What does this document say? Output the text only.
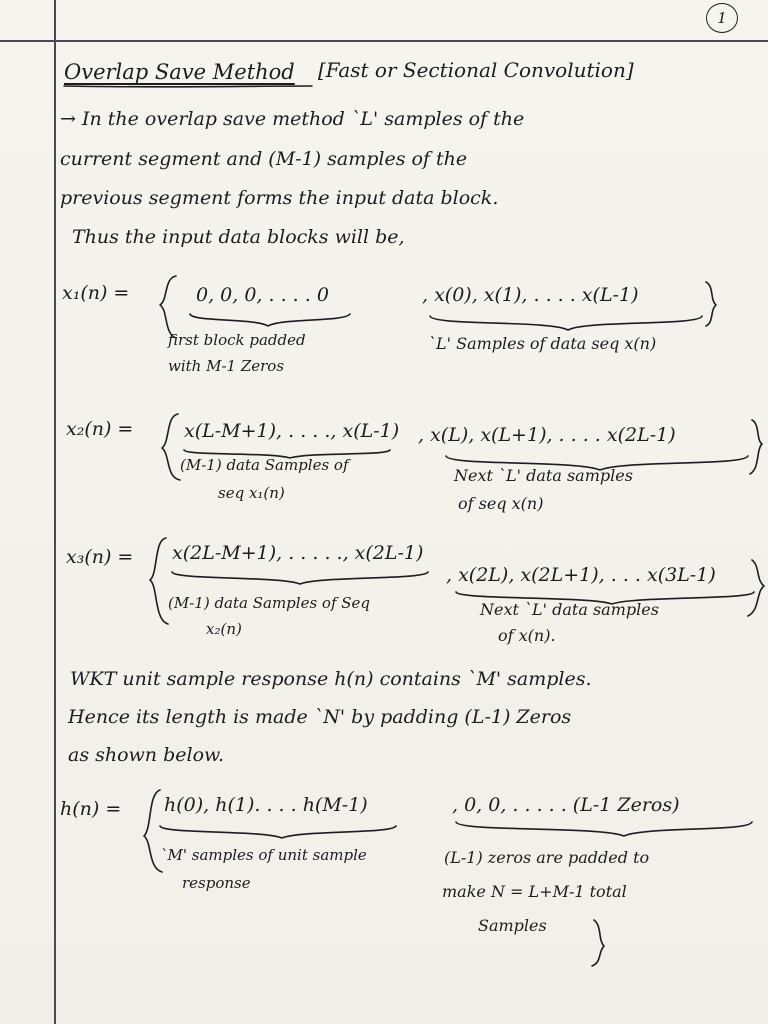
1
Overlap Save Method [Fast or Sectional Convolution]
→ In the overlap save method `L' samples of the
current segment and (M-1) samples of the
previous segment forms the input data block.
Thus the input data blocks will be,
x₁(n) =	0, 0, 0, . . . . 0
first block padded
with M-1 Zeros
, x(0), x(1), . . . . x(L-1)
`L' Samples of data seq x(n)
x₂(n) =	x(L-M+1), . . . ., x(L-1)
(M-1) data Samples of
seq x₁(n)
, x(L), x(L+1), . . . . x(2L-1)
Next `L' data samples
of seq x(n)
x₃(n) = x(2L-M+1), . . . . ., x(2L-1)
(M-1) data Samples of Seq
x₂(n)
, x(2L), x(2L+1), . . . x(3L-1)
Next `L' data samples
of x(n).
WKT unit sample response h(n) contains `M' samples.
Hence its length is made `N' by padding (L-1) Zeros
as shown below.
h(n) = h(0), h(1). . . . h(M-1)
`M' samples of unit sample
response
, 0, 0, . . . . . (L-1 Zeros)
(L-1) zeros are padded to
make N = L+M-1 total
Samples
